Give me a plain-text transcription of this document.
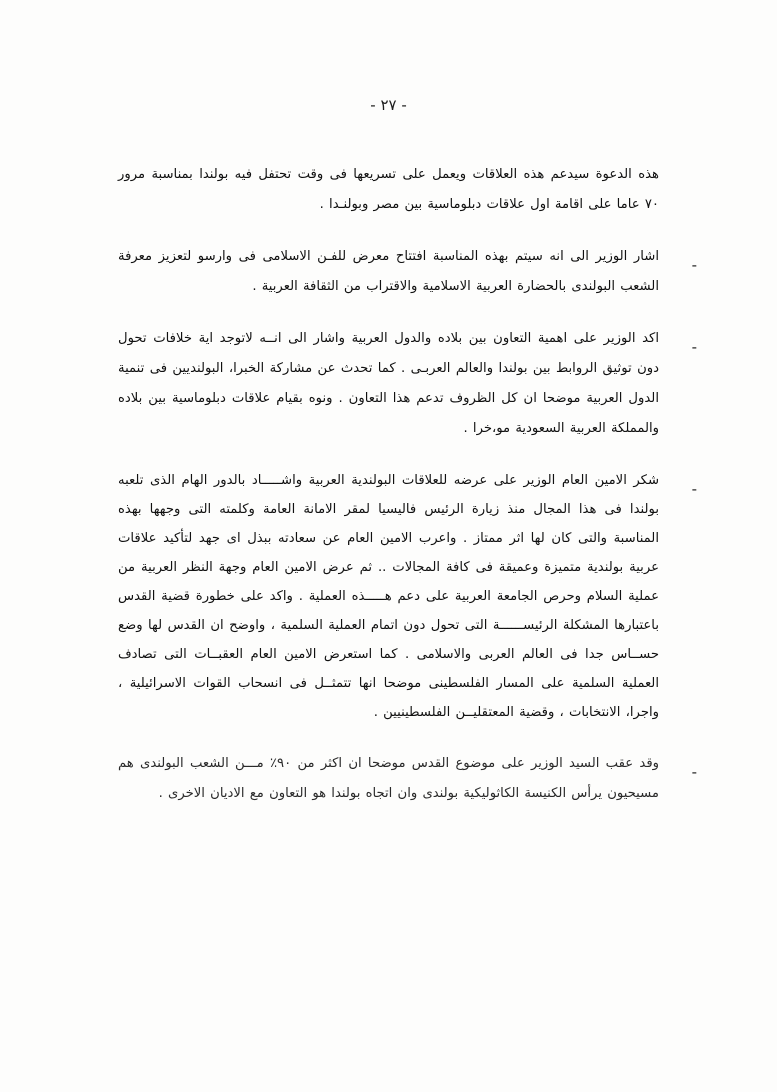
- ٢٧ -

هذه الدعوة سيدعم هذه العلاقات ويعمل على تسريعها فى وقت تحتفل فيه بولندا بمناسبة مرور ٧٠ عاما على اقامة اول علاقات دبلوماسية بين مصر وبولنـدا .

-

اشار الوزير الى انه سيتم بهذه المناسبة افتتاح معرض للفـن الاسلامى فى وارسو لتعزيز معرفة الشعب البولندى بالحضارة العربية الاسلامية والاقتراب من الثقافة العربية .

-

اكد الوزير على اهمية التعاون بين بلاده والدول العربية واشار الى انــه لاتوجد اية خلافات تحول دون توثيق الروابط بين بولندا والعالم العربـى . كما تحدث عن مشاركة الخبرا، البولنديين فى تنمية الدول العربية موضحا ان كل الظروف تدعم هذا التعاون . ونوه بقيام علاقات دبلوماسية بين بلاده والمملكة العربية السعودية مو،خرا .

-

شكر الامين العام الوزير على عرضه للعلاقات البولندية العربية واشـــــاد بالدور الهام الذى تلعبه بولندا فى هذا المجال منذ زيارة الرئيس فاليسيا لمقر الامانة العامة وكلمته التى وجهها بهذه المناسبة والتى كان لها اثر ممتاز . واعرب الامين العام عن سعادته ببذل اى جهد لتأكيد علاقات عربية بولندية متميزة وعميقة فى كافة المجالات .. ثم عرض الامين العام وجهة النظر العربية من عملية السلام وحرص الجامعة العربية على دعم هـــــذه العملية . واكد على خطورة قضية القدس باعتبارها المشكلة الرئيســــــة التى تحول دون اتمام العملية السلمية ، واوضح ان القدس لها وضع حســاس جدا فى العالم العربى والاسلامى . كما استعرض الامين العام العقبــات التى تصادف العملية السلمية على المسار الفلسطينى موضحا انها تتمثــل فى انسحاب القوات الاسرائيلية ، واجرا، الانتخابات ، وقضية المعتقليــن الفلسطينيين .

-

وقد عقب السيد الوزير على موضوع القدس موضحا ان اكثر من ٩٠٪ مـــن الشعب البولندى هم مسيحيون يرأس الكنيسة الكاثوليكية بولندى وان اتجاه بولندا هو التعاون مع الاديان الاخرى .
